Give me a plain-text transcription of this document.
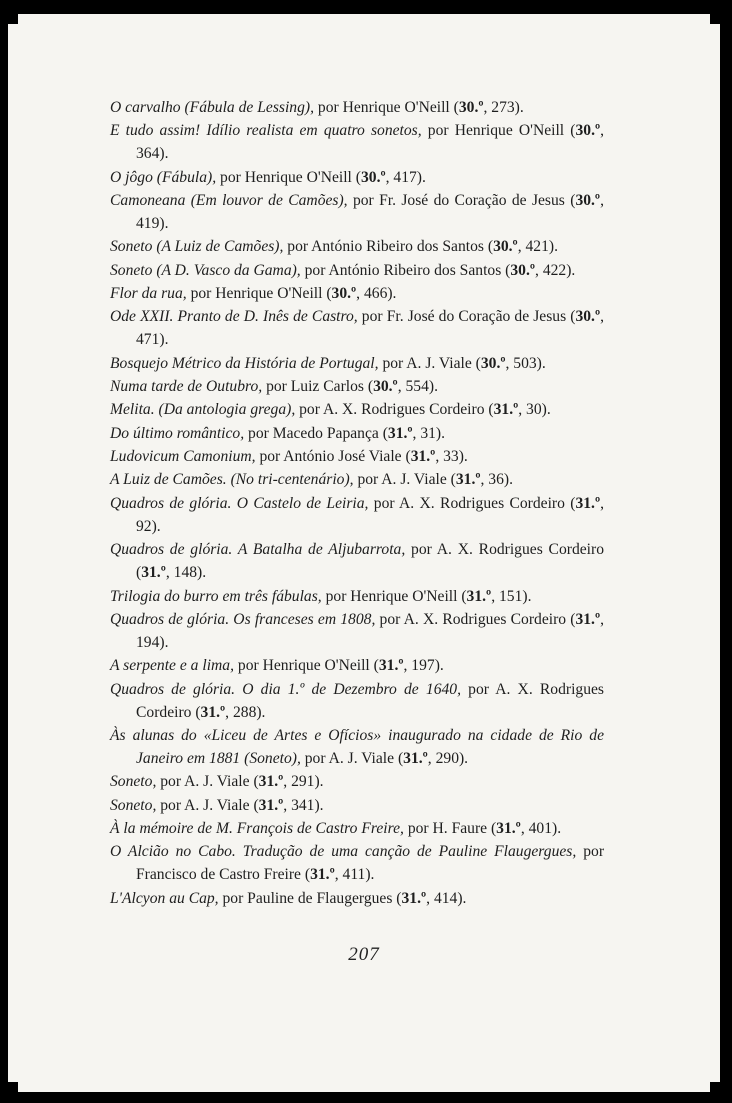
O carvalho (Fábula de Lessing), por Henrique O'Neill (30.º, 273).
E tudo assim! Idílio realista em quatro sonetos, por Henrique O'Neill (30.º, 364).
O jôgo (Fábula), por Henrique O'Neill (30.º, 417).
Camoneana (Em louvor de Camões), por Fr. José do Coração de Jesus (30.º, 419).
Soneto (A Luiz de Camões), por António Ribeiro dos Santos (30.º, 421).
Soneto (A D. Vasco da Gama), por António Ribeiro dos Santos (30.º, 422).
Flor da rua, por Henrique O'Neill (30.º, 466).
Ode XXII. Pranto de D. Inês de Castro, por Fr. José do Coração de Jesus (30.º, 471).
Bosquejo Métrico da História de Portugal, por A. J. Viale (30.º, 503).
Numa tarde de Outubro, por Luiz Carlos (30.º, 554).
Melita. (Da antologia grega), por A. X. Rodrigues Cordeiro (31.º, 30).
Do último romântico, por Macedo Papança (31.º, 31).
Ludovicum Camonium, por António José Viale (31.º, 33).
A Luiz de Camões. (No tri-centenário), por A. J. Viale (31.º, 36).
Quadros de glória. O Castelo de Leiria, por A. X. Rodrigues Cordeiro (31.º, 92).
Quadros de glória. A Batalha de Aljubarrota, por A. X. Rodrigues Cordeiro (31.º, 148).
Trilogia do burro em três fábulas, por Henrique O'Neill (31.º, 151).
Quadros de glória. Os franceses em 1808, por A. X. Rodrigues Cordeiro (31.º, 194).
A serpente e a lima, por Henrique O'Neill (31.º, 197).
Quadros de glória. O dia 1.º de Dezembro de 1640, por A. X. Rodrigues Cordeiro (31.º, 288).
Às alunas do «Liceu de Artes e Ofícios» inaugurado na cidade de Rio de Janeiro em 1881 (Soneto), por A. J. Viale (31.º, 290).
Soneto, por A. J. Viale (31.º, 291).
Soneto, por A. J. Viale (31.º, 341).
À la mémoire de M. François de Castro Freire, por H. Faure (31.º, 401).
O Alcião no Cabo. Tradução de uma canção de Pauline Flaugergues, por Francisco de Castro Freire (31.º, 411).
L'Alcyon au Cap, por Pauline de Flaugergues (31.º, 414).
207
